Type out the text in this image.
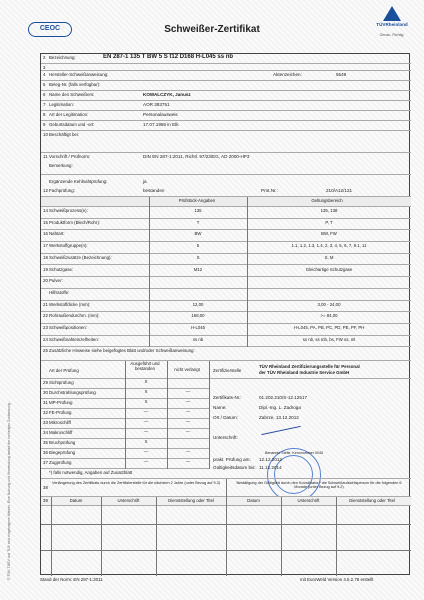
CEOC	Schweißer-Zertifikat	TÜVRheinland
Genau. Richtig.
© TÜV, TUEV und TUV sind eingetragene Marken. Eine Nutzung und Verwendung bedarf der vorherigen Zustimmung.
2 Bezeichnung:	EN 287-1 135 T BW 5 S t12 D168 H-L045 ss nb
3
4 Hersteller-Schweißanweisung:	Aktenzeichen:	5549
5 Beleg-Nr. (falls verfügbar):
6 Name des Schweißers:	KOWALCZYK, Janusz
7 Legitimation:	AOR 383751
8 Art der Legitimation:	Personalausweis
9 Geburtsdatum und -ort:	17.07.1959 in Elk
10 Beschäftigt bei:
11 Vorschrift / Prüfnorm:	DIN EN 287-1:2011, Richtl. 97/23/EG, AD 2000-HP3
Bemerkung:
Ergänzende Kehlnahtprüfung:	ja
12 Fachprüfung:	bestanden	Prot.Nr.:	210/A12/121
Prüfstück-Angaben	Geltungsbereich
14 Schweißprozess(e):	135	135, 138
15 Produktform (Blech/Rohr):	T	P, T
16 Nahtart:	BW	BW, FW
17 Werkstoffgruppe(n):	5	1.1, 1.2, 1.3, 1.4, 2, 3, 4, 5, 6, 7, 9.1, 11
18 Schweißzusätze (Bezeichnung):	S	S, M
19 Schutzgase:	M12	Gleichartige Schutzgase
20 Pulver:
Hilfsstoffe:
21 Werkstoffdicke (mm):	12,00	3,00 - 24,00
22 Rohraußendurchm. (mm):	168,00	>= 84,00
23 Schweißpositionen:	H-L045	H-L045, PA, PB, PC, PD, PE, PF, PH
24 Schweißnahteinzelheiten:	ss nb	ss nb, ss mb, bs, FW ss, ml
25 Zusätzliche Hinweise siehe beigefügtes Blatt und/oder Schweißanweisung:
Art der Prüfung
Ausgeführt und bestanden	nicht verlangt	Zertifizierstelle
TÜV Rheinland Zertifizierungsstelle für Personal
der TÜV Rheinland Industrie Service GmbH
29 Sichtprüfung	X
30 Durchstrahlungsprüfung	X	—
31 MP-Prüfung	X	—
32 FE-Prüfung	—	—
33 Mikroschliff	—	—
34 Makroschliff	—	—
35 Bruchprüfung	X
36 Biegeprüfung	—	—
37 Zugprüfung	—	—
Zertifikats-Nr.:	01.202.210/S-12.12517
Name:	Dipl.-Ing. L. Zadroga
Ort / Datum:	Zabrze, 13.12.2012
Unterschrift:
Benannte Stelle, Kennnummer 0045
prakt. Prüfung am: 12.12.2012
Gültigkeitsdatum bis: 11.12.2014
*) falls notwendig, Angaben auf Zusatzblatt
38
Verlängerung des Zertifikats durch die Zertifizierstelle für die nächsten 2 Jahre (unter Bezug auf 9.3)	Bestätigung der Gültigkeit durch den Koordinator / die Schweißaufsichtsperson für die folgenden 6 Monate (unter Bezug auf 9.2)
39	Datum	Unterschrift	Dienststellung oder Titel	Datum	Unterschrift	Dienststellung oder Titel
Stand der Norm: EN 287-1:2011	mit EuroWeld Version 4.5.2.78 erstellt
